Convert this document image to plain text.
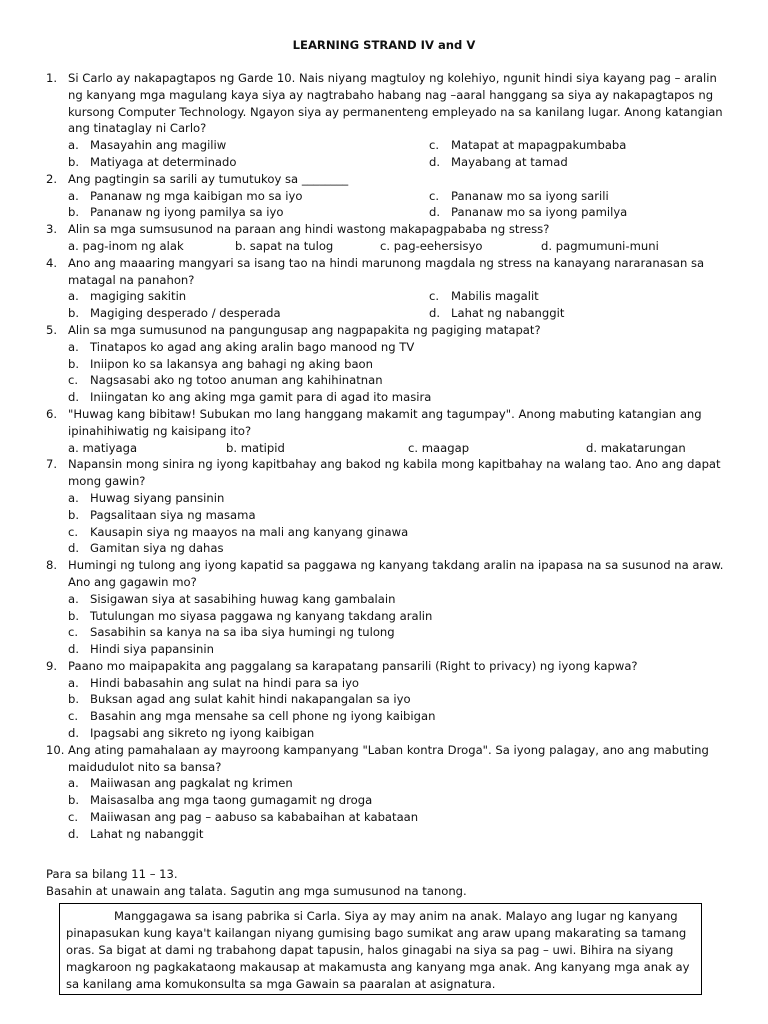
LEARNING STRAND IV and V
1. Si Carlo ay nakapagtapos ng Garde 10. Nais niyang magtuloy ng kolehiyo, ngunit hindi siya kayang pag – aralin ng kanyang mga magulang kaya siya ay nagtrabaho habang nag –aaral hanggang sa siya ay nakapagtapos ng kursong Computer Technology. Ngayon siya ay permanenteng empleyado na sa kanilang lugar. Anong katangian ang tinataglay ni Carlo?
a. Masayahin ang magiliw	c.	Matapat at mapagpakumbaba
b. Matiyaga at determinado	d. Mayabang at tamad
2. Ang pagtingin sa sarili ay tumutukoy sa ________
a. Pananaw ng mga kaibigan mo sa iyo	c.	Pananaw mo sa iyong sarili
b. Pananaw ng iyong pamilya sa iyo	d. Pananaw mo sa iyong pamilya
3. Alin sa mga sumsusunod na paraan ang hindi wastong makapagpababa ng stress?
a. pag-inom ng alak	b. sapat na tulog	c. pag-eehersisyo	d. pagmumuni-muni
4. Ano ang maaaring mangyari sa isang tao na hindi marunong magdala ng stress na kanayang nararanasan sa matagal na panahon?
a. magiging sakitin	c.	Mabilis magalit
b. Magiging desperado / desperada	d. Lahat ng nabanggit
5. Alin sa mga sumusunod na pangungusap ang nagpapakita ng pagiging matapat?
a. Tinatapos ko agad ang aking aralin bago manood ng TV
b. Iniipon ko sa lakansya ang bahagi ng aking baon
c.	Nagsasabi ako ng totoo anuman ang kahihinatnan
d. Iniingatan ko ang aking mga gamit para di agad ito masira
6. "Huwag kang bibitaw! Subukan mo lang hanggang makamit ang tagumpay". Anong mabuting katangian ang ipinahihiwatig ng kaisipang ito?
a. matiyaga	b. matipid	c. maagap	d. makatarungan
7. Napansin mong sinira ng iyong kapitbahay ang bakod ng kabila mong kapitbahay na walang tao. Ano ang dapat mong gawin?
a. Huwag siyang pansinin
b. Pagsalitaan siya ng masama
c.	Kausapin siya ng maayos na mali ang kanyang ginawa
d. Gamitan siya ng dahas
8. Humingi ng tulong ang iyong kapatid sa paggawa ng kanyang takdang aralin na ipapasa na sa susunod na araw. Ano ang gagawin mo?
a. Sisigawan siya at sasabihing huwag kang gambalain
b. Tutulungan mo siyasa paggawa ng kanyang takdang aralin
c.	Sasabihin sa kanya na sa iba siya humingi ng tulong
d. Hindi siya papansinin
9. Paano mo maipapakita ang paggalang sa karapatang pansarili (Right to privacy) ng iyong kapwa?
a. Hindi babasahin ang sulat na hindi para sa iyo
b. Buksan agad ang sulat kahit hindi nakapangalan sa iyo
c.	Basahin ang mga mensahe sa cell phone ng iyong kaibigan
d. Ipagsabi ang sikreto ng iyong kaibigan
10. Ang ating pamahalaan ay mayroong kampanyang "Laban kontra Droga". Sa iyong palagay, ano ang mabuting maidudulot nito sa bansa?
a. Maiiwasan ang pagkalat ng krimen
b. Maisasalba ang mga taong gumagamit ng droga
c.	Maiiwasan ang pag – aabuso sa kababaihan at kabataan
d. Lahat ng nabanggit
Para sa bilang 11 – 13.
Basahin at unawain ang talata. Sagutin ang mga sumusunod na tanong.
Manggagawa sa isang pabrika si Carla. Siya ay may anim na anak. Malayo ang lugar ng kanyang pinapasukan kung kaya't kailangan niyang gumising bago sumikat ang araw upang makarating sa tamang oras. Sa bigat at dami ng trabahong dapat tapusin, halos ginagabi na siya sa pag – uwi. Bihira na siyang magkaroon ng pagkakataong makausap at makamusta ang kanyang mga anak. Ang kanyang mga anak ay sa kanilang ama komukonsulta sa mga Gawain sa paaralan at asignatura.
